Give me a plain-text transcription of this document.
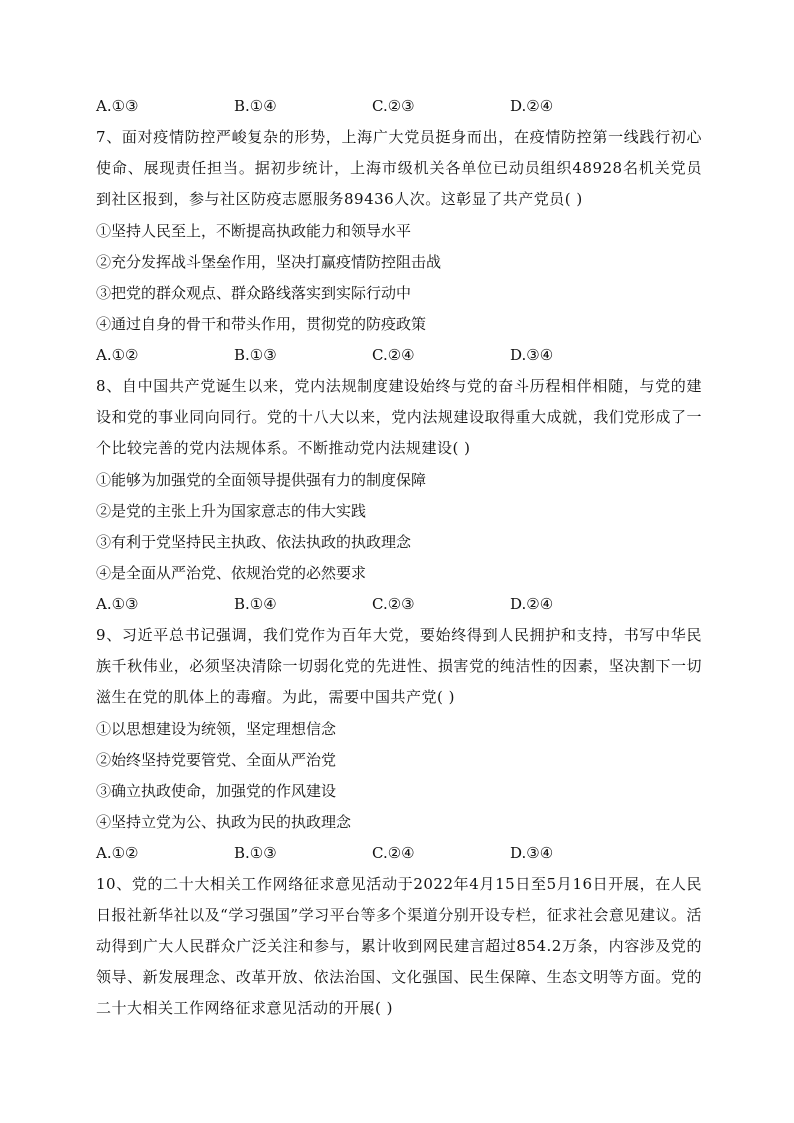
A.①③	B.①④	C.②③	D.②④
7、面对疫情防控严峻复杂的形势，上海广大党员挺身而出，在疫情防控第一线践行初心使命、展现责任担当。据初步统计，上海市级机关各单位已动员组织48928名机关党员到社区报到，参与社区防疫志愿服务89436人次。这彰显了共产党员( )
①坚持人民至上，不断提高执政能力和领导水平
②充分发挥战斗堡垒作用，坚决打赢疫情防控阻击战
③把党的群众观点、群众路线落实到实际行动中
④通过自身的骨干和带头作用，贯彻党的防疫政策
A.①②	B.①③	C.②④	D.③④
8、自中国共产党诞生以来，党内法规制度建设始终与党的奋斗历程相伴相随，与党的建设和党的事业同向同行。党的十八大以来，党内法规建设取得重大成就，我们党形成了一个比较完善的党内法规体系。不断推动党内法规建设( )
①能够为加强党的全面领导提供强有力的制度保障
②是党的主张上升为国家意志的伟大实践
③有利于党坚持民主执政、依法执政的执政理念
④是全面从严治党、依规治党的必然要求
A.①③	B.①④	C.②③	D.②④
9、习近平总书记强调，我们党作为百年大党，要始终得到人民拥护和支持，书写中华民族千秋伟业，必须坚决清除一切弱化党的先进性、损害党的纯洁性的因素，坚决割下一切滋生在党的肌体上的毒瘤。为此，需要中国共产党( )
①以思想建设为统领，坚定理想信念
②始终坚持党要管党、全面从严治党
③确立执政使命，加强党的作风建设
④坚持立党为公、执政为民的执政理念
A.①②	B.①③	C.②④	D.③④
10、党的二十大相关工作网络征求意见活动于2022年4月15日至5月16日开展，在人民日报社新华社以及“学习强国”学习平台等多个渠道分别开设专栏，征求社会意见建议。活动得到广大人民群众广泛关注和参与，累计收到网民建言超过854.2万条，内容涉及党的领导、新发展理念、改革开放、依法治国、文化强国、民生保障、生态文明等方面。党的二十大相关工作网络征求意见活动的开展( )
